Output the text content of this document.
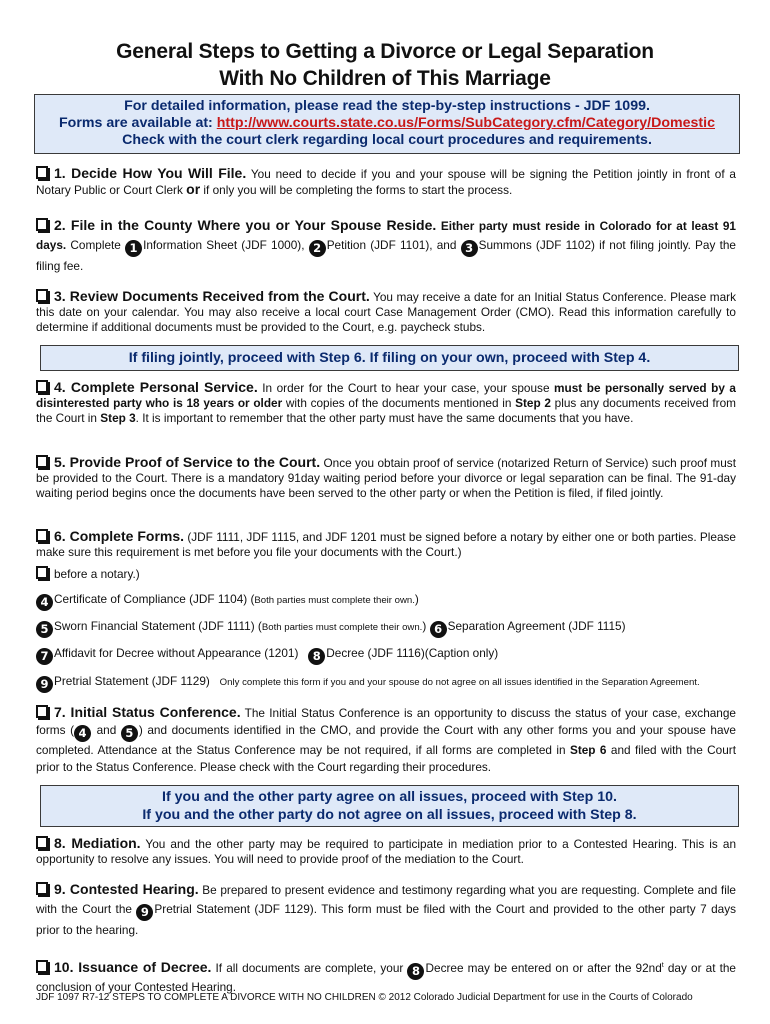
General Steps to Getting a Divorce or Legal Separation
With No Children of This Marriage
For detailed information, please read the step-by-step instructions - JDF 1099.
Forms are available at: http://www.courts.state.co.us/Forms/SubCategory.cfm/Category/Domestic
Check with the court clerk regarding local court procedures and requirements.
1. Decide How You Will File. You need to decide if you and your spouse will be signing the Petition jointly in front of a Notary Public or Court Clerk or if only you will be completing the forms to start the process.
2. File in the County Where you or Your Spouse Reside. Either party must reside in Colorado for at least 91 days. Complete 1 Information Sheet (JDF 1000), 2 Petition (JDF 1101), and 3 Summons (JDF 1102) if not filing jointly. Pay the filing fee.
3. Review Documents Received from the Court. You may receive a date for an Initial Status Conference. Please mark this date on your calendar. You may also receive a local court Case Management Order (CMO). Read this information carefully to determine if additional documents must be provided to the Court, e.g. paycheck stubs.
If filing jointly, proceed with Step 6. If filing on your own, proceed with Step 4.
4. Complete Personal Service. In order for the Court to hear your case, your spouse must be personally served by a disinterested party who is 18 years or older with copies of the documents mentioned in Step 2 plus any documents received from the Court in Step 3. It is important to remember that the other party must have the same documents that you have.
5. Provide Proof of Service to the Court. Once you obtain proof of service (notarized Return of Service) such proof must be provided to the Court. There is a mandatory 91day waiting period before your divorce or legal separation can be final. The 91-day waiting period begins once the documents have been served to the other party or when the Petition is filed, if filed jointly.
6. Complete Forms. (JDF 1111, JDF 1115, and JDF 1201 must be signed before a notary by either one or both parties. Please make sure this requirement is met before you file your documents with the Court.)
before a notary.)
4 Certificate of Compliance (JDF 1104) (Both parties must complete their own.)
5 Sworn Financial Statement (JDF 1111) (Both parties must complete their own.) 6 Separation Agreement (JDF 1115)
7 Affidavit for Decree without Appearance (1201) 8 Decree (JDF 1116)(Caption only)
9 Pretrial Statement (JDF 1129) Only complete this form if you and your spouse do not agree on all issues identified in the Separation Agreement.
7. Initial Status Conference. The Initial Status Conference is an opportunity to discuss the status of your case, exchange forms ( 4 and 5 ) and documents identified in the CMO, and provide the Court with any other forms you and your spouse have completed. Attendance at the Status Conference may be not required, if all forms are completed in Step 6 and filed with the Court prior to the Status Conference. Please check with the Court regarding their procedures.
If you and the other party agree on all issues, proceed with Step 10.
If you and the other party do not agree on all issues, proceed with Step 8.
8. Mediation. You and the other party may be required to participate in mediation prior to a Contested Hearing. This is an opportunity to resolve any issues. You will need to provide proof of the mediation to the Court.
9. Contested Hearing. Be prepared to present evidence and testimony regarding what you are requesting. Complete and file with the Court the 9 Pretrial Statement (JDF 1129). This form must be filed with the Court and provided to the other party 7 days prior to the hearing.
10. Issuance of Decree. If all documents are complete, your 8 Decree may be entered on or after the $92nd^t$ day or at the conclusion of your Contested Hearing.
JDF 1097 R7-12 STEPS TO COMPLETE A DIVORCE WITH NO CHILDREN © 2012 Colorado Judicial Department for use in the Courts of Colorado
